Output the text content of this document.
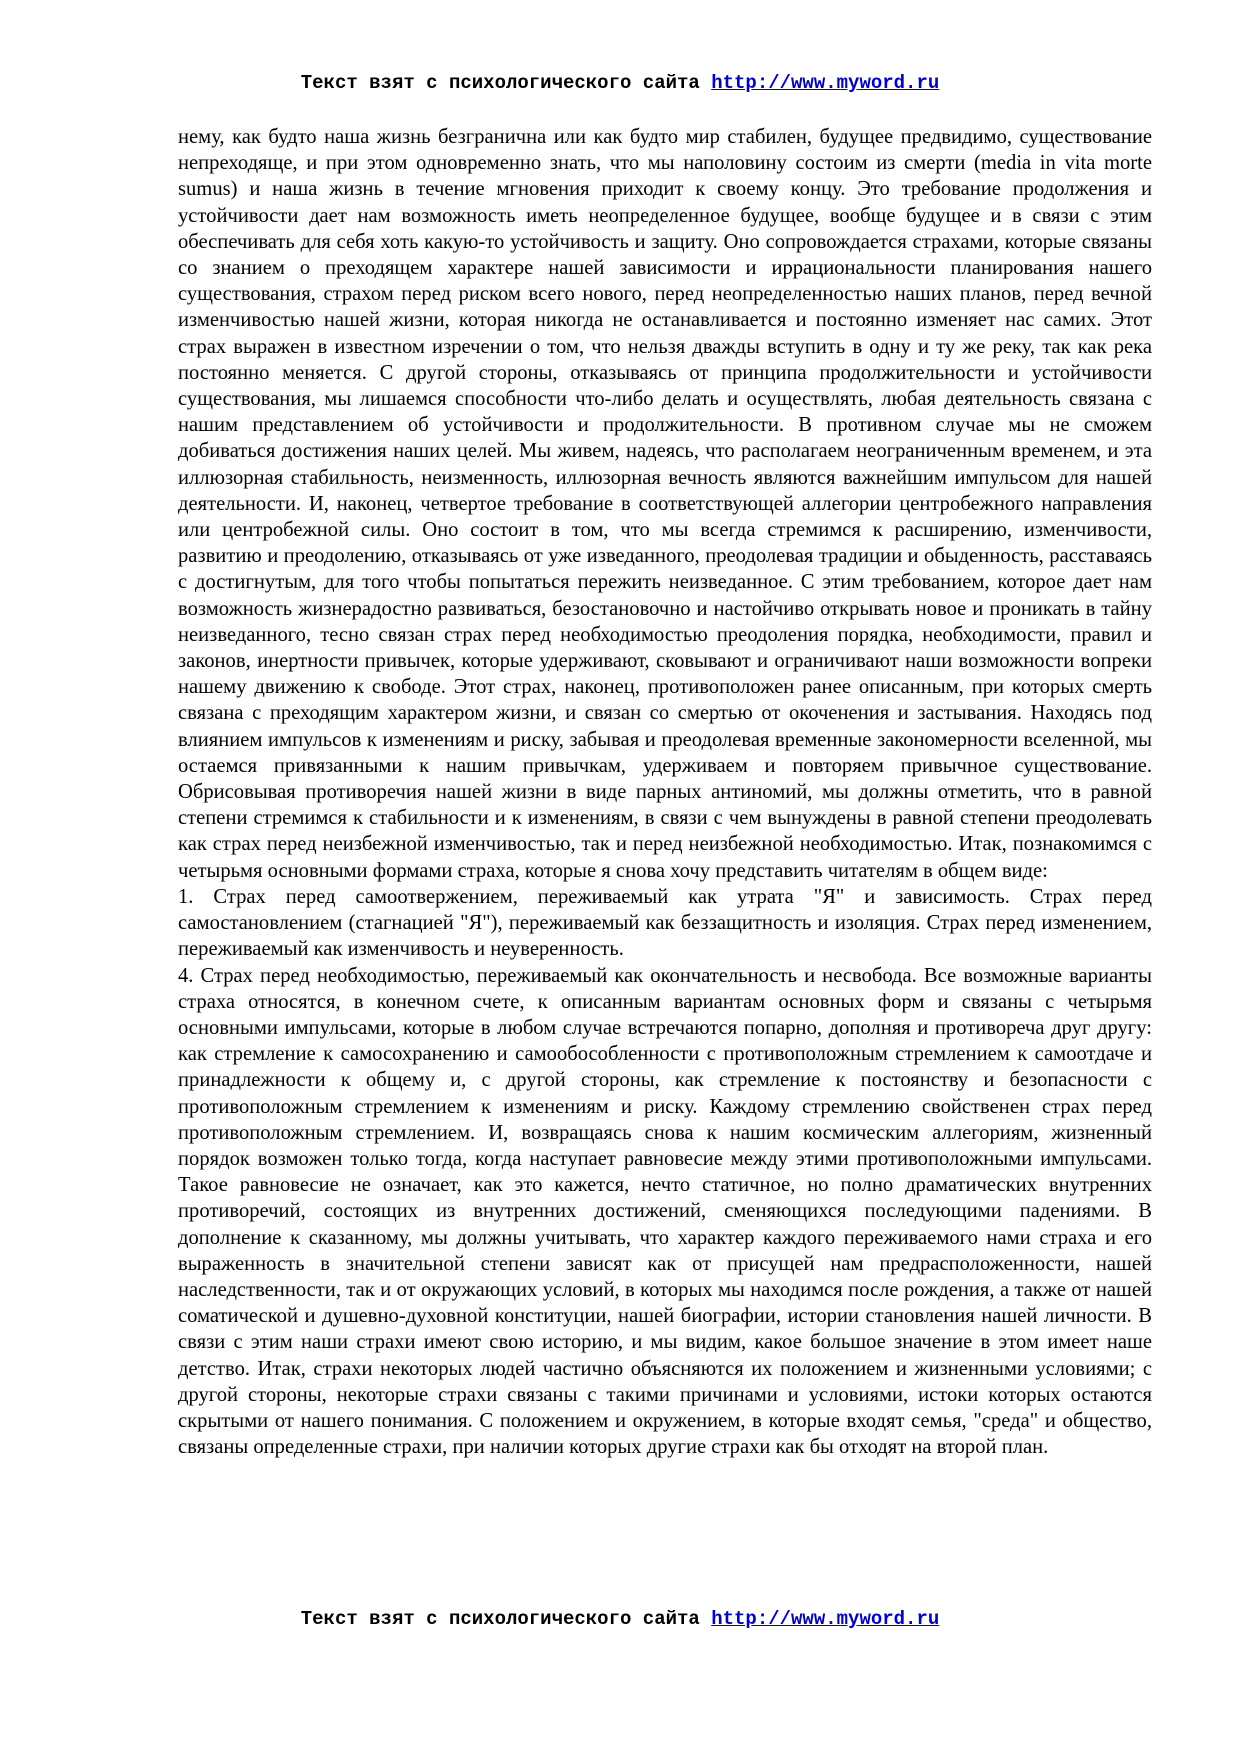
Текст взят с психологического сайта http://www.myword.ru

нему, как будто наша жизнь безгранична или как будто мир стабилен, будущее предвидимо, существование непреходяще, и при этом одновременно знать, что мы наполовину состоим из смерти (media in vita morte sumus) и наша жизнь в течение мгновения приходит к своему концу. Это требование продолжения и устойчивости дает нам возможность иметь неопределенное будущее, вообще будущее и в связи с этим обеспечивать для себя хоть какую-то устойчивость и защиту. Оно сопровождается страхами, которые связаны со знанием о преходящем характере нашей зависимости и иррациональности планирования нашего существования, страхом перед риском всего нового, перед неопределенностью наших планов, перед вечной изменчивостью нашей жизни, которая никогда не останавливается и постоянно изменяет нас самих. Этот страх выражен в известном изречении о том, что нельзя дважды вступить в одну и ту же реку, так как река постоянно меняется. С другой стороны, отказываясь от принципа продолжительности и устойчивости существования, мы лишаемся способности что-либо делать и осуществлять, любая деятельность связана с нашим представлением об устойчивости и продолжительности. В противном случае мы не сможем добиваться достижения наших целей. Мы живем, надеясь, что располагаем неограниченным временем, и эта иллюзорная стабильность, неизменность, иллюзорная вечность являются важнейшим импульсом для нашей деятельности. И, наконец, четвертое требование в соответствующей аллегории центробежного направления или центробежной силы. Оно состоит в том, что мы всегда стремимся к расширению, изменчивости, развитию и преодолению, отказываясь от уже изведанного, преодолевая традиции и обыденность, расставаясь с достигнутым, для того чтобы попытаться пережить неизведанное. С этим требованием, которое дает нам возможность жизнерадостно развиваться, безостановочно и настойчиво открывать новое и проникать в тайну неизведанного, тесно связан страх перед необходимостью преодоления порядка, необходимости, правил и законов, инертности привычек, которые удерживают, сковывают и ограничивают наши возможности вопреки нашему движению к свободе. Этот страх, наконец, противоположен ранее описанным, при которых смерть связана с преходящим характером жизни, и связан со смертью от окоченения и застывания. Находясь под влиянием импульсов к изменениям и риску, забывая и преодолевая временные закономерности вселенной, мы остаемся привязанными к нашим привычкам, удерживаем и повторяем привычное существование. Обрисовывая противоречия нашей жизни в виде парных антиномий, мы должны отметить, что в равной степени стремимся к стабильности и к изменениям, в связи с чем вынуждены в равной степени преодолевать как страх перед неизбежной изменчивостью, так и перед неизбежной необходимостью. Итак, познакомимся с четырьмя основными формами страха, которые я снова хочу представить читателям в общем виде:

1. Страх перед самоотвержением, переживаемый как утрата "Я" и зависимость. Страх перед самостановлением (стагнацией "Я"), переживаемый как беззащитность и изоляция. Страх перед изменением, переживаемый как изменчивость и неуверенность.

4. Страх перед необходимостью, переживаемый как окончательность и несвобода. Все возможные варианты страха относятся, в конечном счете, к описанным вариантам основных форм и связаны с четырьмя основными импульсами, которые в любом случае встречаются попарно, дополняя и противореча друг другу: как стремление к самосохранению и самообособленности с противоположным стремлением к самоотдаче и принадлежности к общему и, с другой стороны, как стремление к постоянству и безопасности с противоположным стремлением к изменениям и риску. Каждому стремлению свойственен страх перед противоположным стремлением. И, возвращаясь снова к нашим космическим аллегориям, жизненный порядок возможен только тогда, когда наступает равновесие между этими противоположными импульсами. Такое равновесие не означает, как это кажется, нечто статичное, но полно драматических внутренних противоречий, состоящих из внутренних достижений, сменяющихся последующими падениями. В дополнение к сказанному, мы должны учитывать, что характер каждого переживаемого нами страха и его выраженность в значительной степени зависят как от присущей нам предрасположенности, нашей наследственности, так и от окружающих условий, в которых мы находимся после рождения, а также от нашей соматической и душевно-духовной конституции, нашей биографии, истории становления нашей личности. В связи с этим наши страхи имеют свою историю, и мы видим, какое большое значение в этом имеет наше детство. Итак, страхи некоторых людей частично объясняются их положением и жизненными условиями; с другой стороны, некоторые страхи связаны с такими причинами и условиями, истоки которых остаются скрытыми от нашего понимания. С положением и окружением, в которые входят семья, "среда" и общество, связаны определенные страхи, при наличии которых другие страхи как бы отходят на второй план.

Текст взят с психологического сайта http://www.myword.ru
